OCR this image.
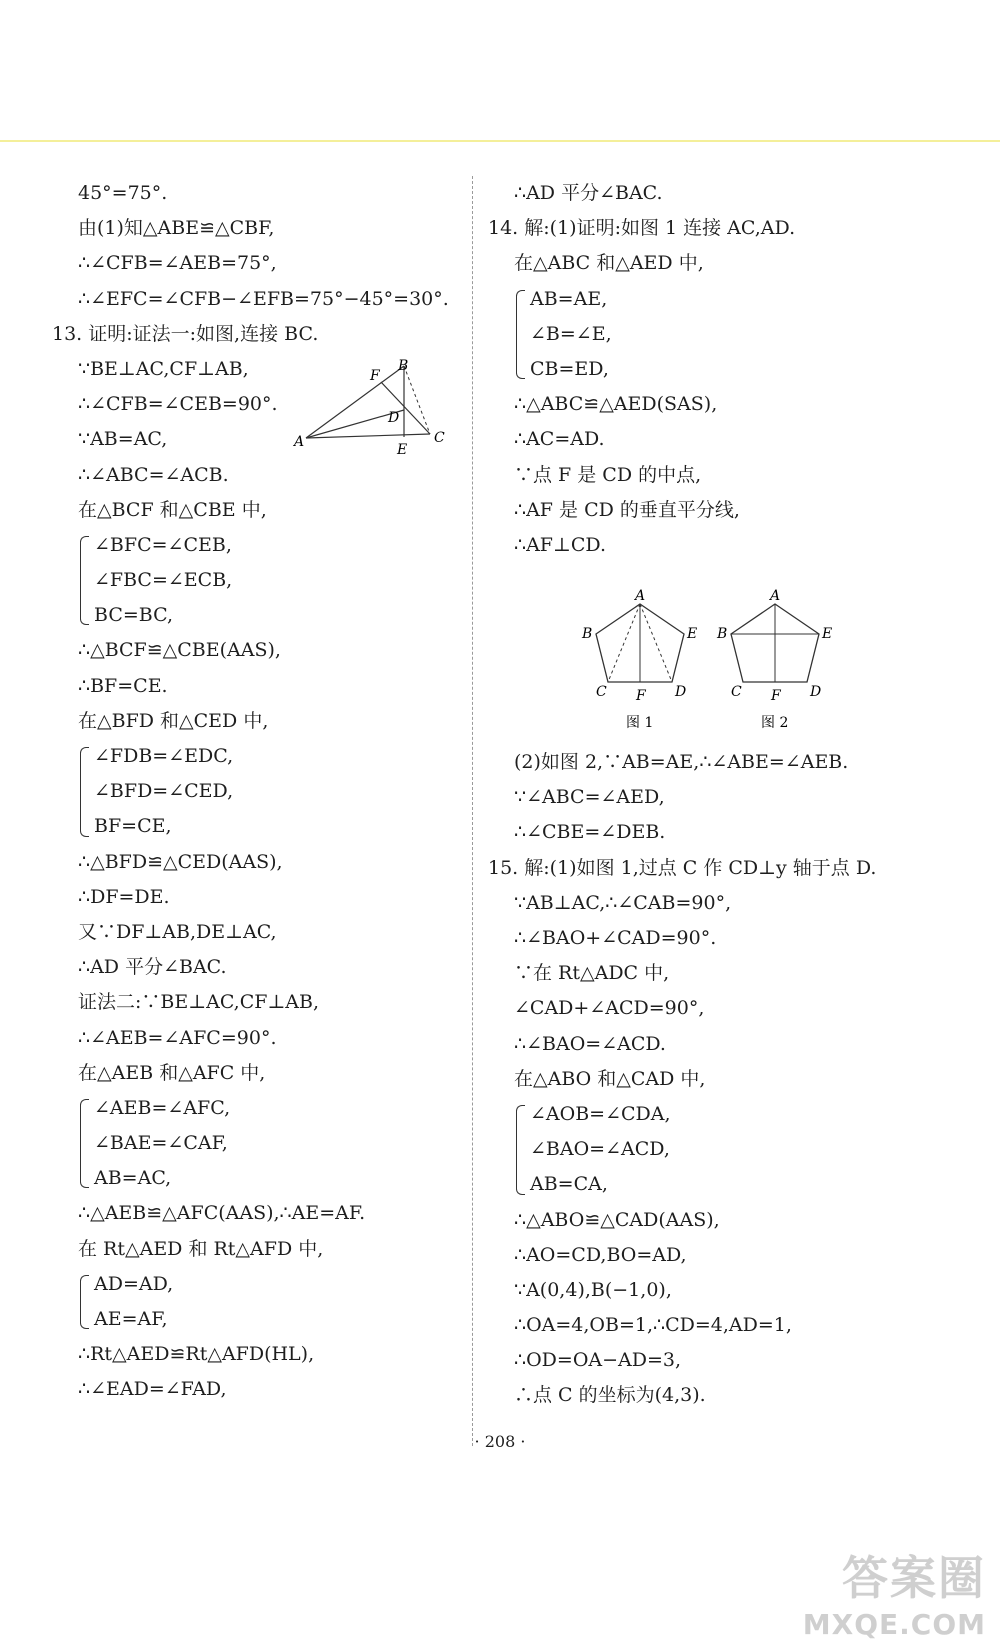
45°=75°.
由(1)知△ABE≌△CBF,
∴∠CFB=∠AEB=75°,
∴∠EFC=∠CFB−∠EFB=75°−45°=30°.
13. 证明:证法一:如图,连接 BC.
∵BE⊥AC,CF⊥AB,
∴∠CFB=∠CEB=90°.
∵AB=AC,
∴∠ABC=∠ACB.
在△BCF 和△CBE 中,
∠BFC=∠CEB,
∠FBC=∠ECB,
BC=BC,
∴△BCF≌△CBE(AAS),
∴BF=CE.
在△BFD 和△CED 中,
∠FDB=∠EDC,
∠BFD=∠CED,
BF=CE,
∴△BFD≌△CED(AAS),
∴DF=DE.
又∵DF⊥AB,DE⊥AC,
∴AD 平分∠BAC.
证法二:∵BE⊥AC,CF⊥AB,
∴∠AEB=∠AFC=90°.
在△AEB 和△AFC 中,
∠AEB=∠AFC,
∠BAE=∠CAF,
AB=AC,
∴△AEB≌△AFC(AAS),∴AE=AF.
在 Rt△AED 和 Rt△AFD 中,
AD=AD,
AE=AF,
∴Rt△AED≌Rt△AFD(HL),
∴∠EAD=∠FAD,
A
B
C
D
E
F
∴AD 平分∠BAC.
14. 解:(1)证明:如图 1 连接 AC,AD.
在△ABC 和△AED 中,
AB=AE,
∠B=∠E,
CB=ED,
∴△ABC≌△AED(SAS),
∴AC=AD.
∵点 F 是 CD 的中点,
∴AF 是 CD 的垂直平分线,
∴AF⊥CD.
(2)如图 2,∵AB=AE,∴∠ABE=∠AEB.
∵∠ABC=∠AED,
∴∠CBE=∠DEB.
15. 解:(1)如图 1,过点 C 作 CD⊥y 轴于点 D.
∵AB⊥AC,∴∠CAB=90°,
∴∠BAO+∠CAD=90°.
∵在 Rt△ADC 中,
∠CAD+∠ACD=90°,
∴∠BAO=∠ACD.
在△ABO 和△CAD 中,
∠AOB=∠CDA,
∠BAO=∠ACD,
AB=CA,
∴△ABO≌△CAD(AAS),
∴AO=CD,BO=AD,
∵A(0,4),B(−1,0),
∴OA=4,OB=1,∴CD=4,AD=1,
∴OD=OA−AD=3,
∴点 C 的坐标为(4,3).
A
B	E
C F D
图 1
A
B	E
C F D
图 2
· 208 ·
答案圈
MXQE.COM
